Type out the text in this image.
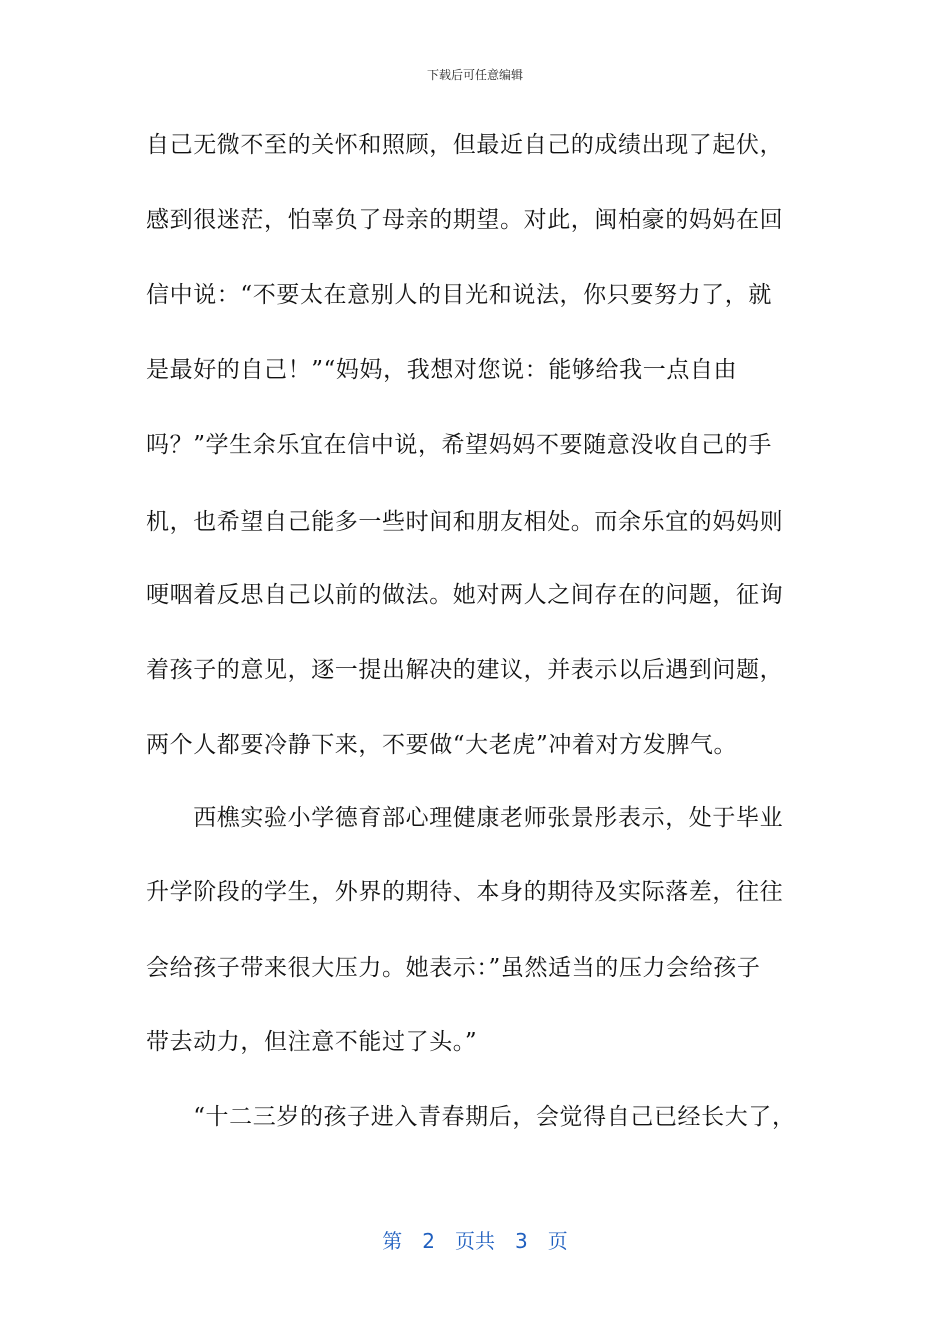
下载后可任意编辑
自己无微不至的关怀和照顾，但最近自己的成绩出现了起伏，
感到很迷茫，怕辜负了母亲的期望。对此，闽柏豪的妈妈在回
信中说：“不要太在意别人的目光和说法，你只要努力了，就
是最好的自己！”“妈妈，我想对您说：能够给我一点自由
吗？”学生余乐宜在信中说，希望妈妈不要随意没收自己的手
机，也希望自己能多一些时间和朋友相处。而余乐宜的妈妈则
哽咽着反思自己以前的做法。她对两人之间存在的问题，征询
着孩子的意见，逐一提出解决的建议，并表示以后遇到问题，
两个人都要冷静下来，不要做“大老虎”冲着对方发脾气。
　　西樵实验小学德育部心理健康老师张景彤表示，处于毕业
升学阶段的学生，外界的期待、本身的期待及实际落差，往往
会给孩子带来很大压力。她表示：”虽然适当的压力会给孩子
带去动力，但注意不能过了头。”
　　“十二三岁的孩子进入青春期后，会觉得自己已经长大了，
第　2　页共　3　页
